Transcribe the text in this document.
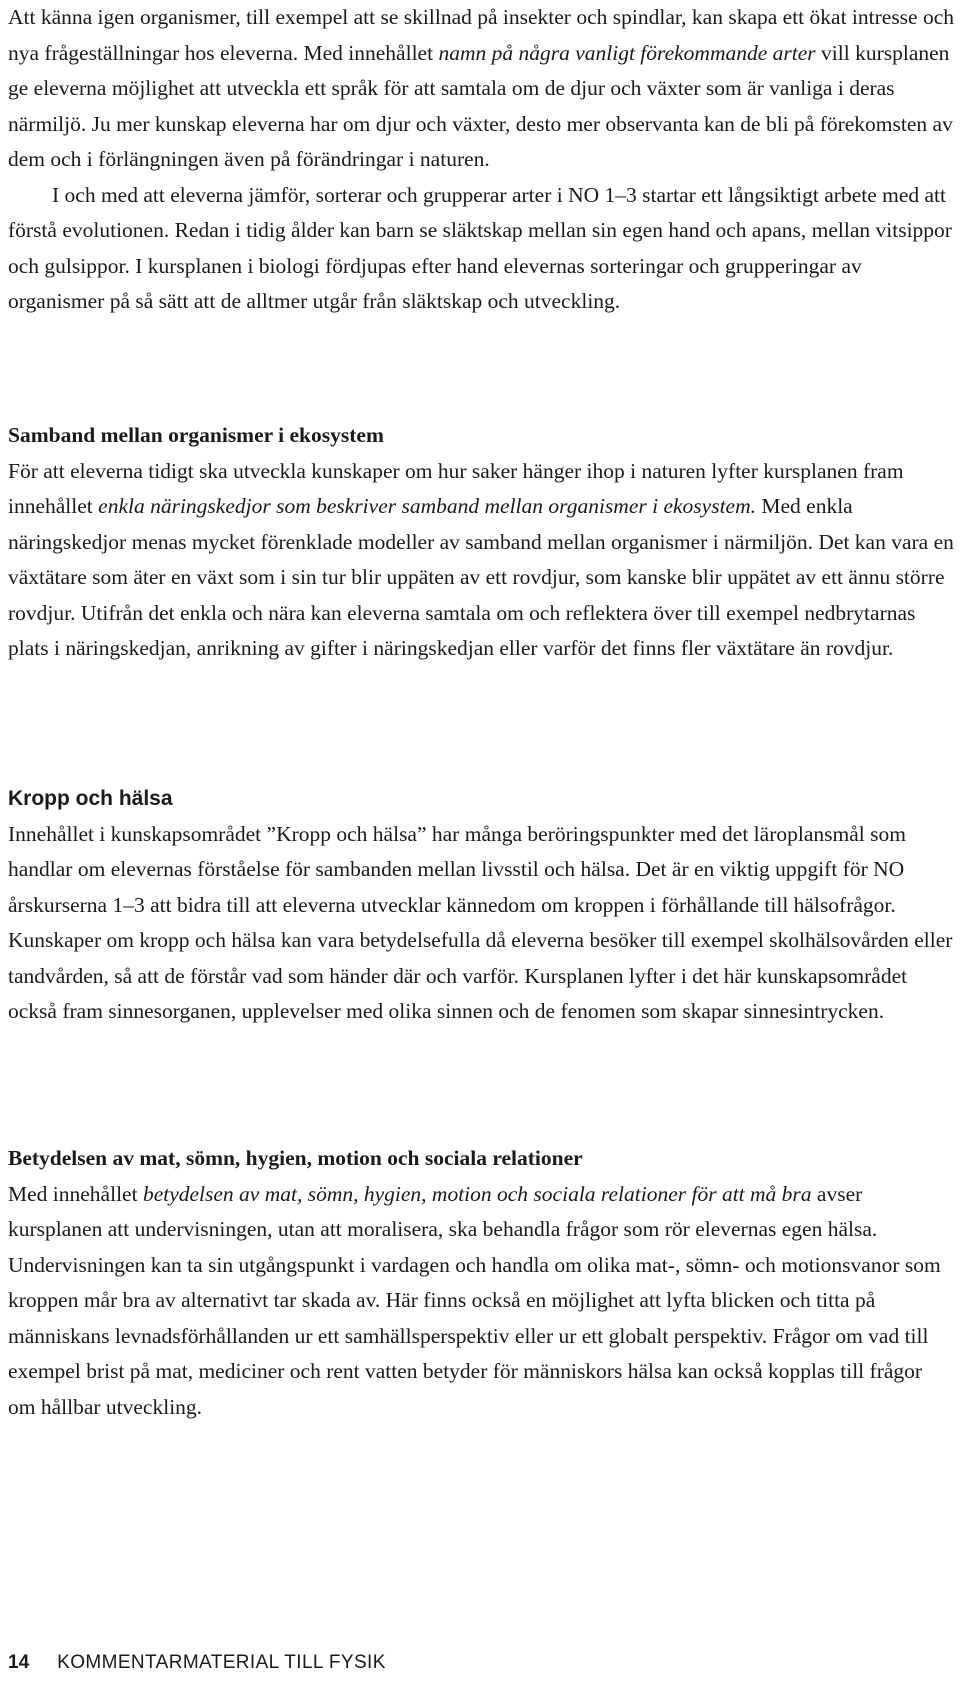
Att känna igen organismer, till exempel att se skillnad på insekter och spindlar, kan skapa ett ökat intresse och nya frågeställningar hos eleverna. Med innehållet namn på några vanligt förekommande arter vill kursplanen ge eleverna möjlighet att utveckla ett språk för att samtala om de djur och växter som är vanliga i deras närmiljö. Ju mer kunskap eleverna har om djur och växter, desto mer observanta kan de bli på förekomsten av dem och i förlängningen även på förändringar i naturen.

I och med att eleverna jämför, sorterar och grupperar arter i NO 1–3 startar ett långsiktigt arbete med att förstå evolutionen. Redan i tidig ålder kan barn se släktskap mellan sin egen hand och apans, mellan vitsippor och gulsippor. I kursplanen i biologi fördjupas efter hand elevernas sorteringar och grupperingar av organismer på så sätt att de alltmer utgår från släktskap och utveckling.

Samband mellan organismer i ekosystem

För att eleverna tidigt ska utveckla kunskaper om hur saker hänger ihop i naturen lyfter kursplanen fram innehållet enkla näringskedjor som beskriver samband mellan organismer i ekosystem. Med enkla näringskedjor menas mycket förenklade modeller av samband mellan organismer i närmiljön. Det kan vara en växtätare som äter en växt som i sin tur blir uppäten av ett rovdjur, som kanske blir uppätet av ett ännu större rovdjur. Utifrån det enkla och nära kan eleverna samtala om och reflektera över till exempel nedbrytarnas plats i näringskedjan, anrikning av gifter i näringskedjan eller varför det finns fler växtätare än rovdjur.

Kropp och hälsa

Innehållet i kunskapsområdet ”Kropp och hälsa” har många beröringspunkter med det läroplansmål som handlar om elevernas förståelse för sambanden mellan livsstil och hälsa. Det är en viktig uppgift för NO årskurserna 1–3 att bidra till att eleverna utvecklar kännedom om kroppen i förhållande till hälsofrågor. Kunskaper om kropp och hälsa kan vara betydelsefulla då eleverna besöker till exempel skolhälsovården eller tandvården, så att de förstår vad som händer där och varför. Kursplanen lyfter i det här kunskapsområdet också fram sinnesorganen, upplevelser med olika sinnen och de fenomen som skapar sinnesintrycken.

Betydelsen av mat, sömn, hygien, motion och sociala relationer

Med innehållet betydelsen av mat, sömn, hygien, motion och sociala relationer för att må bra avser kursplanen att undervisningen, utan att moralisera, ska behandla frågor som rör elevernas egen hälsa. Undervisningen kan ta sin utgångspunkt i vardagen och handla om olika mat-, sömn- och motionsvanor som kroppen mår bra av alternativt tar skada av. Här finns också en möjlighet att lyfta blicken och titta på människans levnadsförhållanden ur ett samhällsperspektiv eller ur ett globalt perspektiv. Frågor om vad till exempel brist på mat, mediciner och rent vatten betyder för människors hälsa kan också kopplas till frågor om hållbar utveckling.

14 KOMMENTARMATERIAL TILL FYSIK
